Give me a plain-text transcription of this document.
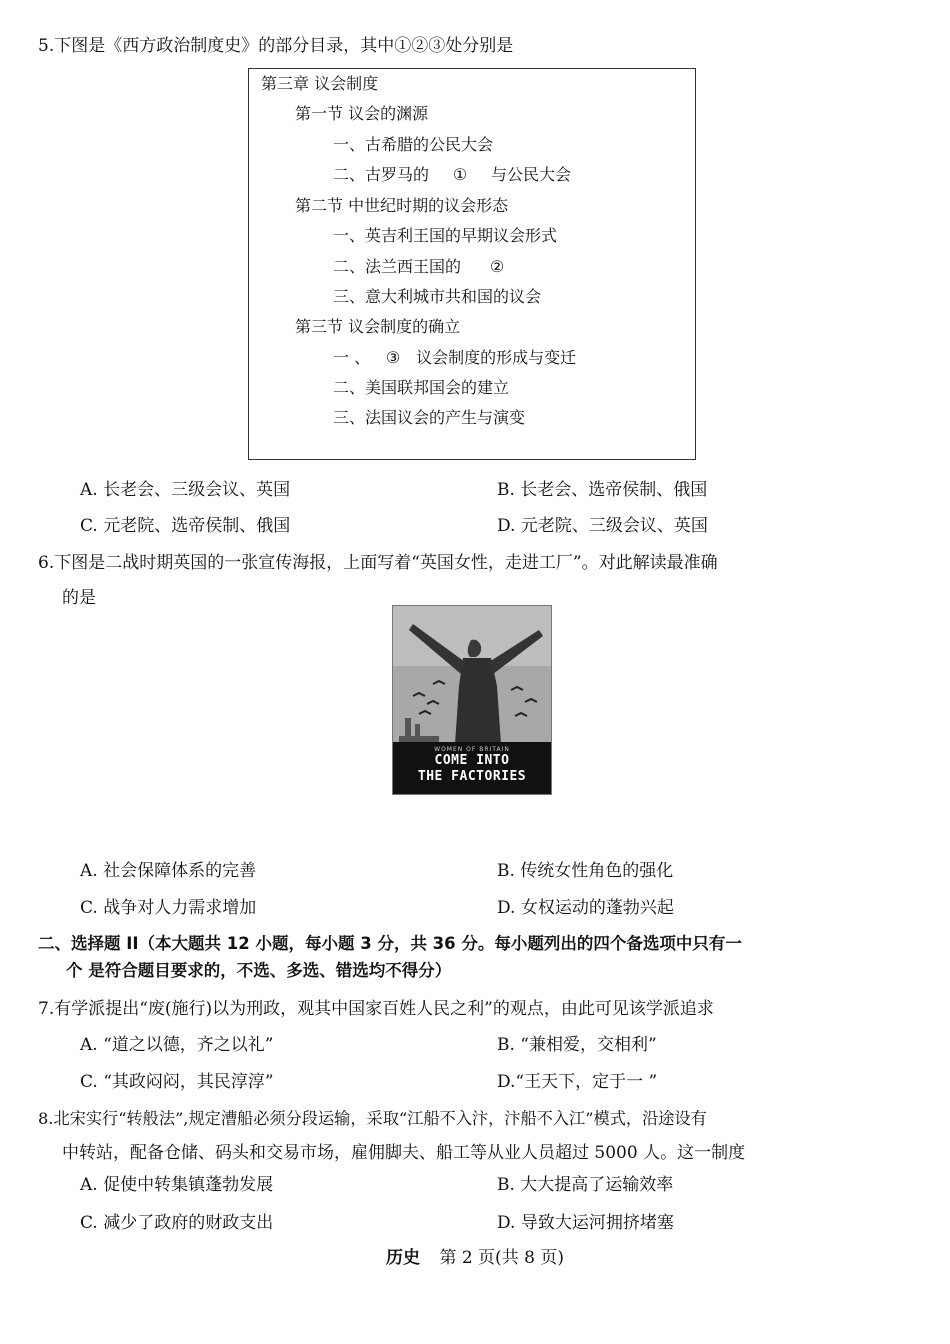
5.下图是《西方政治制度史》的部分目录，其中①②③处分别是
第三章 议会制度
第一节 议会的渊源
一、古希腊的公民大会
二、古罗马的 ① 与公民大会
第二节 中世纪时期的议会形态
一、英吉利王国的早期议会形式
二、法兰西王国的 ②
三、意大利城市共和国的议会
第三节 议会制度的确立
一 、 ③ 议会制度的形成与变迁
二、美国联邦国会的建立
三、法国议会的产生与演变
A. 长老会、三级会议、英国	B. 长老会、选帝侯制、俄国
C. 元老院、选帝侯制、俄国	D. 元老院、三级会议、英国
6.下图是二战时期英国的一张宣传海报，上面写着“英国女性，走进工厂”。对此解读最准确
的是
WOMEN OF BRITAIN
COME INTO
THE FACTORIES
A. 社会保障体系的完善	B. 传统女性角色的强化
C. 战争对人力需求增加	D. 女权运动的蓬勃兴起
二、选择题 II（本大题共 12 小题，每小题 3 分，共 36 分。每小题列出的四个备选项中只有一
个 是符合题目要求的，不选、多选、错选均不得分）
7.有学派提出“废(施行)以为刑政，观其中国家百姓人民之利”的观点，由此可见该学派追求
A. “道之以德，齐之以礼”	B. “兼相爱，交相利”
C. “其政闷闷，其民淳淳”	D.“王天下，定于一 ”
8.北宋实行“转般法”,规定漕船必须分段运输，采取“江船不入汴，汴船不入江”模式，沿途设有
中转站，配备仓储、码头和交易市场，雇佣脚夫、船工等从业人员超过 5000 人。这一制度
A. 促使中转集镇蓬勃发展	B. 大大提高了运输效率
C. 减少了政府的财政支出	D. 导致大运河拥挤堵塞
历史 第 2 页(共 8 页)
